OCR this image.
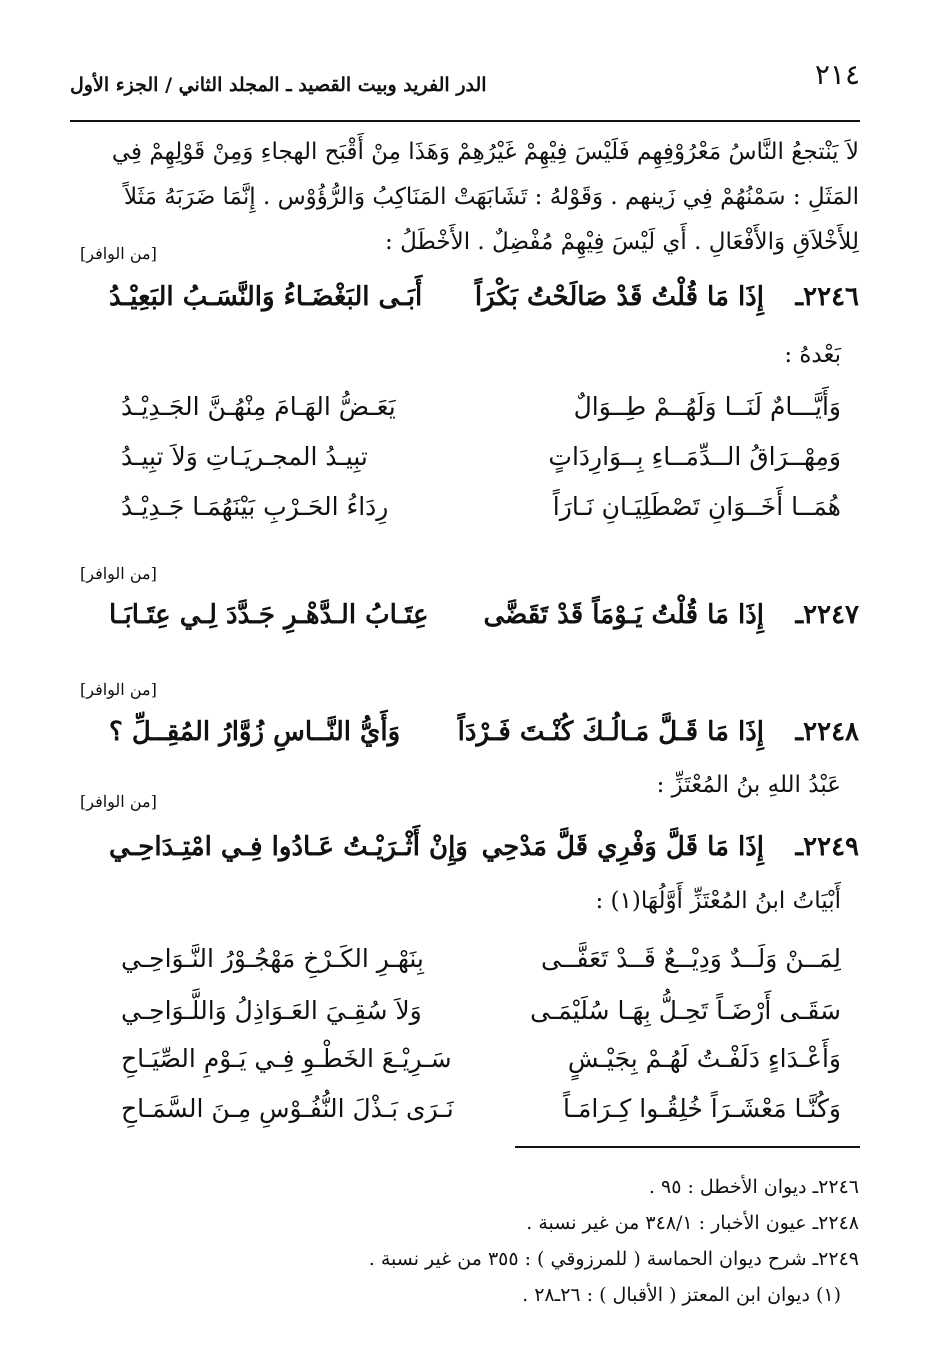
٢١٤
الدر الفريد وبيت القصيد ـ المجلد الثاني / الجزء الأول
لاَ يَنْتجعُ النَّاسُ مَعْرُوْفِهِم فَلَيْسَ فِيْهِمْ غَيْرُهِمْ وَهَذَا مِنْ أَقْبَح الهجاءِ وَمِنْ قَوْلِهِمْ فِي
المَثَلِ : سَمْنُهُمْ فِي زَينهم . وَقَوْلهُ : تَشَابَهَتْ المَنَاكِبُ وَالرُّؤُوْس . إِنَّمَا ضَرَبَهُ مَثَلاً
لِلأَخْلاَقِ وَالأَفْعَالِ . أَي لَيْسَ فِيْهِمْ مُفْضِلٌ . الأَخْطَلُ :
[من الوافر]
٢٢٤٦ـ
إِذَا مَا قُلْتُ قَدْ صَالَحْتُ بَكْرَاً
أَبَـى البَغْضَـاءُ وَالنَّسَـبُ البَعِيْـدُ
بَعْدهُ :
وَأَيَّـــامٌ لَنَــا وَلَهُــمْ طِــوَالٌ
يَعَـضُّ الهَـامَ مِنْهُـنَّ الجَـدِيْـدُ
وَمِهْــرَاقُ الــدِّمَــاءِ بِــوَارِدَاتٍ
تبِيـدُ المجـريَـاتِ وَلاَ تبِيـدُ
هُمَــا أَخَــوَانِ تَصْطَلِيَـانِ نَـارَاً
رِدَاءُ الحَـرْبِ بَيْنَهُمَـا جَـدِيْـدُ
[من الوافر]
٢٢٤٧ـ
إِذَا مَا قُلْتُ يَـوْمَاً قَدْ تَقَضَّى
عِتَـابُ الـدَّهْـرِ جَـدَّدَ لِـي عِتَـابَـا
[من الوافر]
٢٢٤٨ـ
إِذَا مَا قَـلَّ مَـالُـكَ كُنْـتَ فَـرْدَاً
وَأَيُّ النَّــاسِ زُوَّارُ المُقِــلِّ ؟
عَبْدُ اللهِ بنُ المُعْتَزِّ :
[من الوافر]
٢٢٤٩ـ
إِذَا مَا قَلَّ وَفْرِي قَلَّ مَدْحِي
وَإِنْ أَثْـرَيْـتُ عَـادُوا فِـي امْتِـدَاحِـي
أَبْيَاتُ ابنُ المُعْتَزِّ أَوَّلُهَا(١) :
لِمَــنْ وَلَــدٌ وَدِيْــعٌ قَــدْ تَعَفَّــى
بِنَهْـرِ الكَـرْخِ مَهْجُـوْرُ النَّـوَاحِـي
سَقَـى أَرْضَـاً تَحِـلُّ بِهَـا سُلَيْمَـى
وَلاَ سُقِـيَ العَـوَاذِلُ وَاللَّـوَاحِـي
وَأَعْـدَاءٍ دَلَفْـتُ لَهُـمْ بِجَيْـشٍ
سَـرِيْـعَ الخَطْـوِ فِـي يَـوْمِ الصِّيَـاحِ
وَكُنَّـا مَعْشَـرَاً خُلِقُـوا كِـرَامَـاً
نَـرَى بَـذْلَ النُّفُـوْسِ مِـنَ السَّمَـاحِ
٢٢٤٦ـ ديوان الأخطل : ٩٥ .
٢٢٤٨ـ عيون الأخبار : ٣٤٨/١ من غير نسبة .
٢٢٤٩ـ شرح ديوان الحماسة ( للمرزوقي ) : ٣٥٥ من غير نسبة .
(١) ديوان ابن المعتز ( الأقبال ) : ٢٦ـ٢٨ .
